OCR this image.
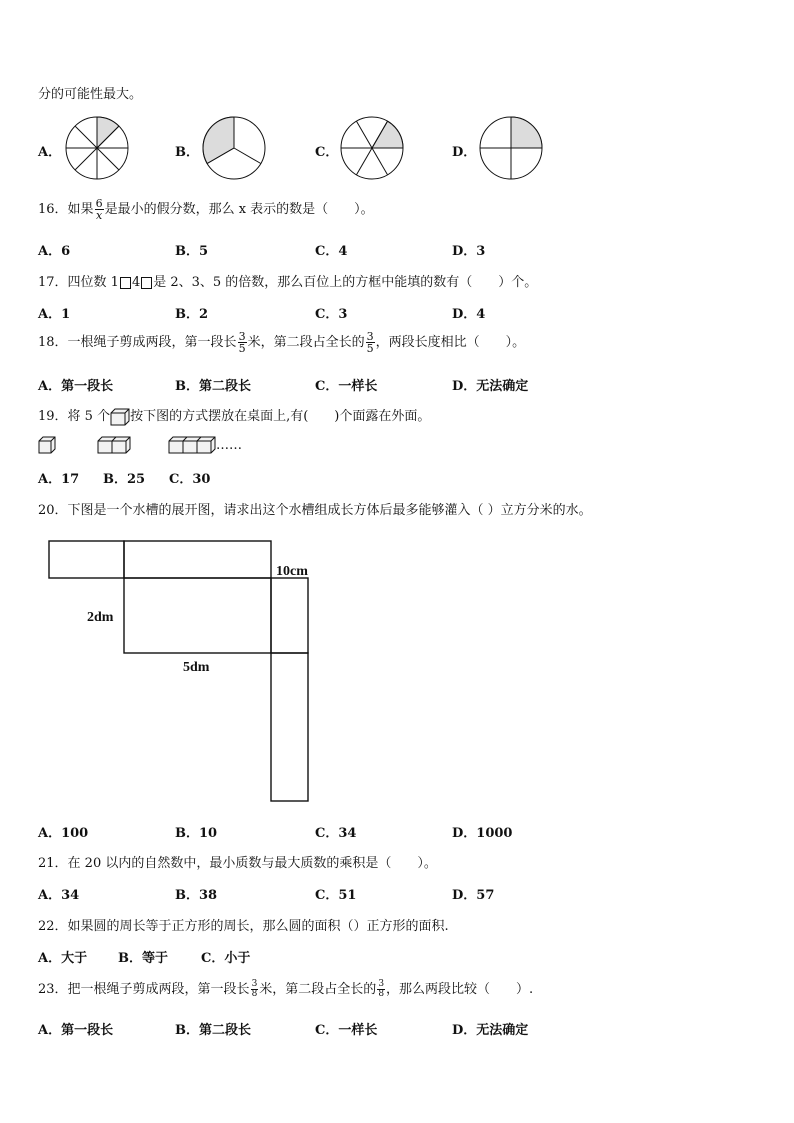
分的可能性最大。
A．	B．	C．	D．
16．如果 $\frac{6}{x}$ 是最小的假分数，那么 x 表示的数是（　　）。
A．6	B．5	C．4	D．3
17．四位数 1 4 是 2、3、5 的倍数，那么百位上的方框中能填的数有（　　）个。
A．1	B．2	C．3	D．4
18．一根绳子剪成两段，第一段长 $\frac{3}{5}$ 米，第二段占全长的 $\frac{3}{5}$ ，两段长度相比（　　）。
A．第一段长	B．第二段长	C．一样长	D．无法确定
19．将 5 个 按下图的方式摆放在桌面上,有(　　)个面露在外面。
……
A．17 B．25 C．30
20．下图是一个水槽的展开图，请求出这个水槽组成长方体后最多能够灌入（ ）立方分米的水。
10cm
2dm
5dm
A．100	B．10	C．34	D．1000
21．在 20 以内的自然数中，最小质数与最大质数的乘积是（　　）。
A．34	B．38	C．51	D．57
22．如果圆的周长等于正方形的周长，那么圆的面积（）正方形的面积.
A．大于 B．等于	C．小于
23．把一根绳子剪成两段，第一段长 $\frac{3}{8}$ 米，第二段占全长的 $\frac{3}{8}$ ，那么两段比较（　　）.
A．第一段长	B．第二段长	C．一样长	D．无法确定
